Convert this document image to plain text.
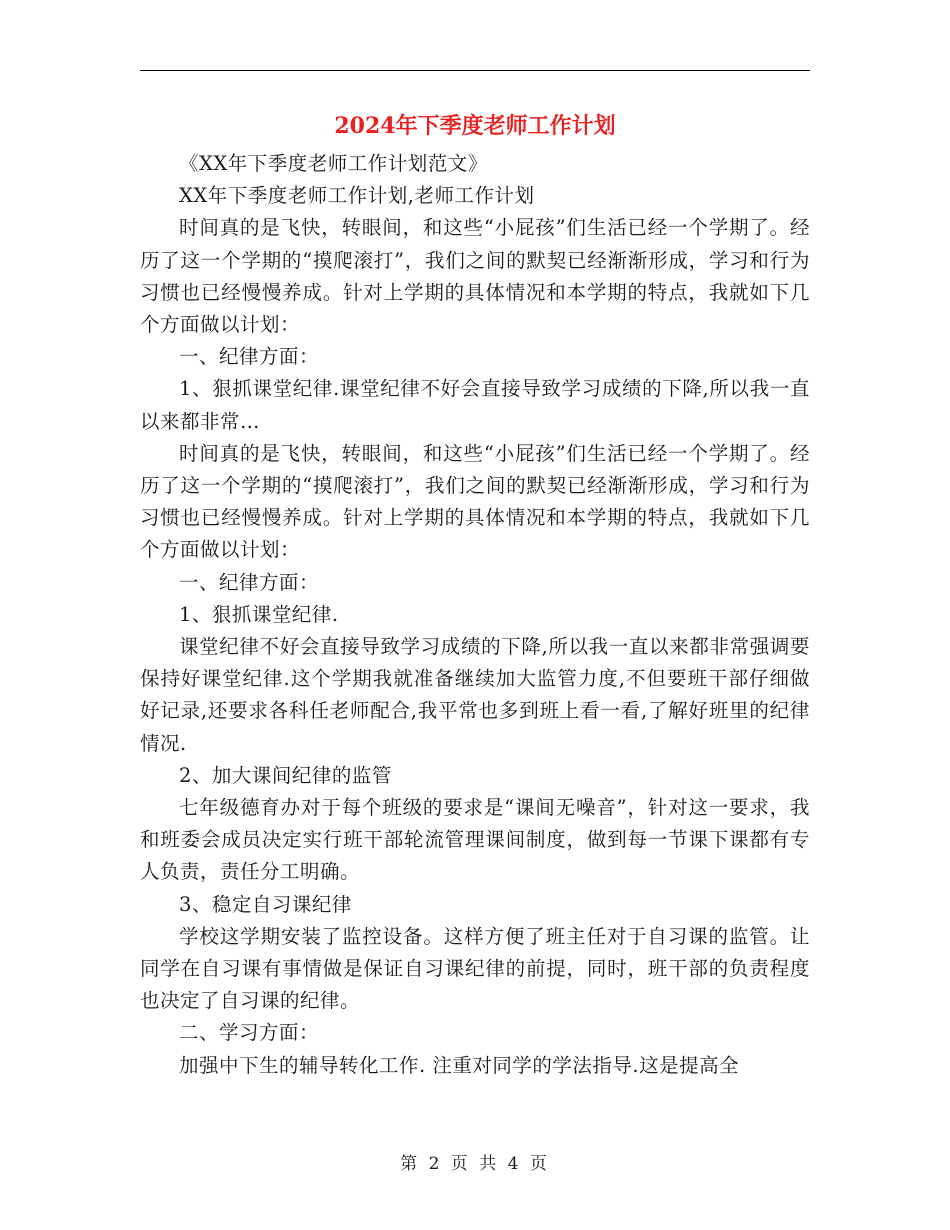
2024年下季度老师工作计划

《XX年下季度老师工作计划范文》

XX年下季度老师工作计划,老师工作计划

时间真的是飞快，转眼间，和这些“小屁孩”们生活已经一个学期了。经历了这一个学期的“摸爬滚打”，我们之间的默契已经渐渐形成，学习和行为习惯也已经慢慢养成。针对上学期的具体情况和本学期的特点，我就如下几个方面做以计划：

一、纪律方面：

1、狠抓课堂纪律.课堂纪律不好会直接导致学习成绩的下降,所以我一直以来都非常…

时间真的是飞快，转眼间，和这些“小屁孩”们生活已经一个学期了。经历了这一个学期的“摸爬滚打”，我们之间的默契已经渐渐形成，学习和行为习惯也已经慢慢养成。针对上学期的具体情况和本学期的特点，我就如下几个方面做以计划：

一、纪律方面：

1、狠抓课堂纪律.

课堂纪律不好会直接导致学习成绩的下降,所以我一直以来都非常强调要保持好课堂纪律.这个学期我就准备继续加大监管力度,不但要班干部仔细做好记录,还要求各科任老师配合,我平常也多到班上看一看,了解好班里的纪律情况.

2、加大课间纪律的监管

七年级德育办对于每个班级的要求是“课间无噪音”，针对这一要求，我和班委会成员决定实行班干部轮流管理课间制度，做到每一节课下课都有专人负责，责任分工明确。

3、稳定自习课纪律

学校这学期安装了监控设备。这样方便了班主任对于自习课的监管。让同学在自习课有事情做是保证自习课纪律的前提，同时，班干部的负责程度也决定了自习课的纪律。

二、学习方面：

加强中下生的辅导转化工作. 注重对同学的学法指导.这是提高全

第 2 页 共 4 页
